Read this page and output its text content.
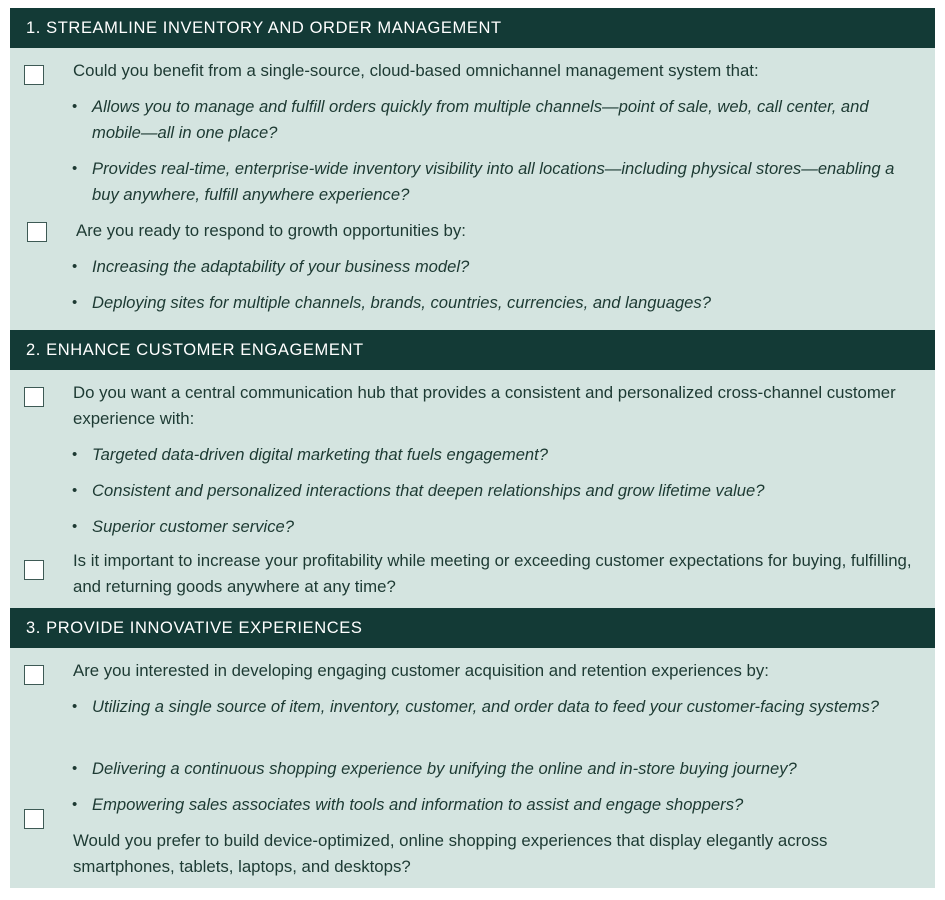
1. STREAMLINE INVENTORY AND ORDER MANAGEMENT

Could you benefit from a single-source, cloud-based omnichannel management system that:

• Allows you to manage and fulfill orders quickly from multiple channels—point of sale, web, call center, and mobile—all in one place?
• Provides real-time, enterprise-wide inventory visibility into all locations—including physical stores—enabling a buy anywhere, fulfill anywhere experience?

Are you ready to respond to growth opportunities by:

• Increasing the adaptability of your business model?
• Deploying sites for multiple channels, brands, countries, currencies, and languages?
2. ENHANCE CUSTOMER ENGAGEMENT

Do you want a central communication hub that provides a consistent and personalized cross-channel customer experience with:

• Targeted data-driven digital marketing that fuels engagement?
• Consistent and personalized interactions that deepen relationships and grow lifetime value?
• Superior customer service?

Is it important to increase your profitability while meeting or exceeding customer expectations for buying, fulfilling, and returning goods anywhere at any time?

3. PROVIDE INNOVATIVE EXPERIENCES

Are you interested in developing engaging customer acquisition and retention experiences by:

• Utilizing a single source of item, inventory, customer, and order data to feed your customer-facing systems?
• Delivering a continuous shopping experience by unifying the online and in-store buying journey?
• Empowering sales associates with tools and information to assist and engage shoppers?

Would you prefer to build device-optimized, online shopping experiences that display elegantly across smartphones, tablets, laptops, and desktops?
